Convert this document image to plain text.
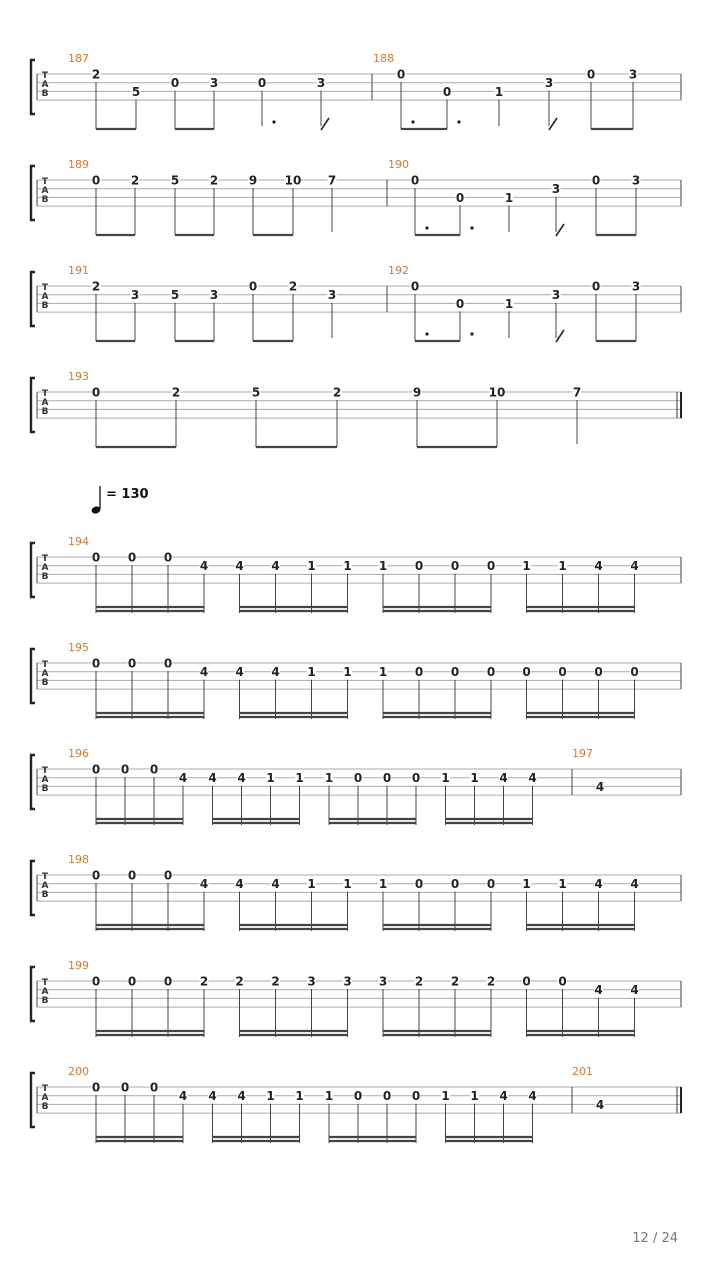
T
A
B
187
2
5
0	3	0	3
188
0
0	1
3
0	3
T
A
B
189
0	2	5	2	9 10 7
190
0
0	1
3
0	3
T
A
B
191
2
3	5	3
0	2
3
192
0
0	1
3
0	3
T
A
B
193
0	2	5	2	9	10	7
T
A
B
194
0 0 0
4 4 4 1 1 1 0 0 0 1 1 4 4
T
A
B
195
0 0 0
4 4 4 1 1 1 0 0 0 0 0 0 0
T
A
B
196
0 0 0
4 4 4 1 1 1 0 0 0 1 1 4 4
197
4
T
A
B
198
0 0 0
4 4 4 1 1 1 0 0 0 1 1 4 4
T
A
B
199
0 0 0 2 2 2 3 3 3 2 2 2 0 0
4 4
T
A
B
200
0 0 0
4 4 4 1 1 1 0 0 0 1 1 4 4
201
4
= 130
12 / 24
